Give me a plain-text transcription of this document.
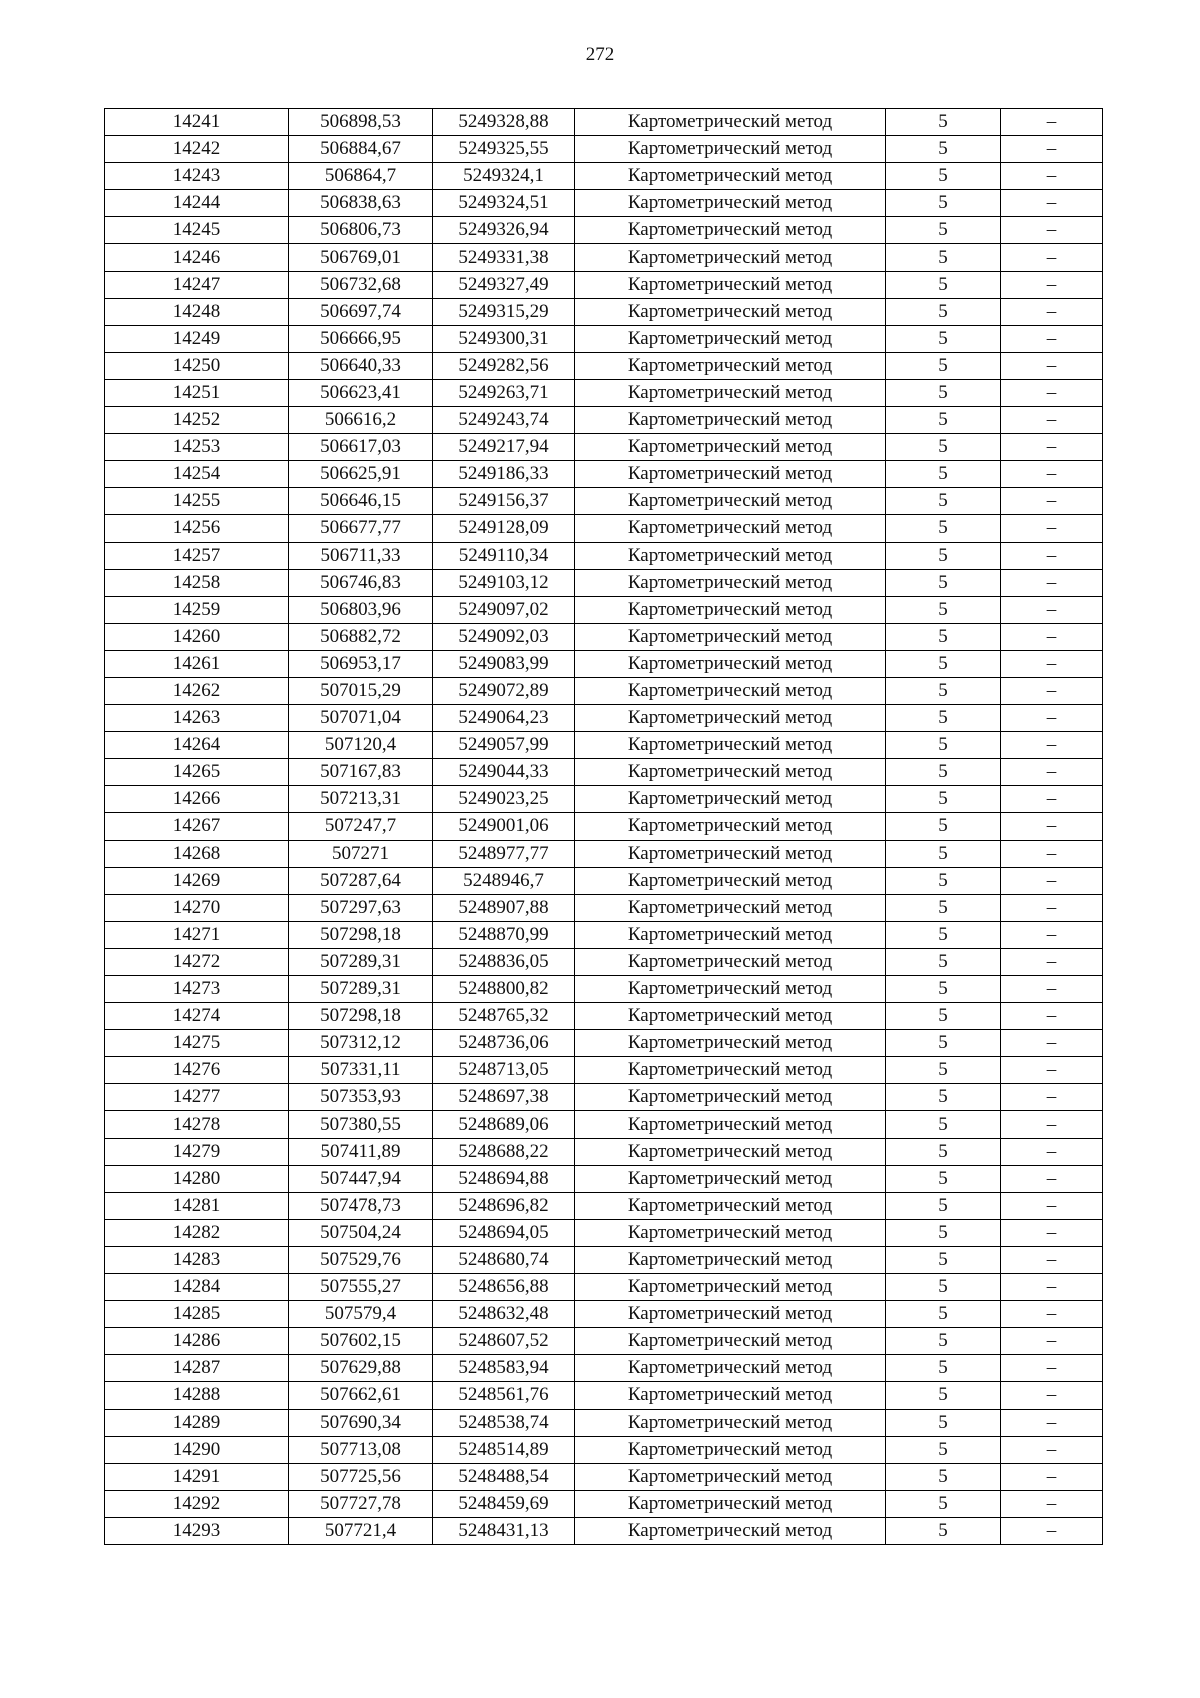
272
14241	506898,53	5249328,88	Картометрический метод	5	–
14242	506884,67	5249325,55	Картометрический метод	5	–
14243	506864,7	5249324,1	Картометрический метод	5	–
14244	506838,63	5249324,51	Картометрический метод	5	–
14245	506806,73	5249326,94	Картометрический метод	5	–
14246	506769,01	5249331,38	Картометрический метод	5	–
14247	506732,68	5249327,49	Картометрический метод	5	–
14248	506697,74	5249315,29	Картометрический метод	5	–
14249	506666,95	5249300,31	Картометрический метод	5	–
14250	506640,33	5249282,56	Картометрический метод	5	–
14251	506623,41	5249263,71	Картометрический метод	5	–
14252	506616,2	5249243,74	Картометрический метод	5	–
14253	506617,03	5249217,94	Картометрический метод	5	–
14254	506625,91	5249186,33	Картометрический метод	5	–
14255	506646,15	5249156,37	Картометрический метод	5	–
14256	506677,77	5249128,09	Картометрический метод	5	–
14257	506711,33	5249110,34	Картометрический метод	5	–
14258	506746,83	5249103,12	Картометрический метод	5	–
14259	506803,96	5249097,02	Картометрический метод	5	–
14260	506882,72	5249092,03	Картометрический метод	5	–
14261	506953,17	5249083,99	Картометрический метод	5	–
14262	507015,29	5249072,89	Картометрический метод	5	–
14263	507071,04	5249064,23	Картометрический метод	5	–
14264	507120,4	5249057,99	Картометрический метод	5	–
14265	507167,83	5249044,33	Картометрический метод	5	–
14266	507213,31	5249023,25	Картометрический метод	5	–
14267	507247,7	5249001,06	Картометрический метод	5	–
14268	507271	5248977,77	Картометрический метод	5	–
14269	507287,64	5248946,7	Картометрический метод	5	–
14270	507297,63	5248907,88	Картометрический метод	5	–
14271	507298,18	5248870,99	Картометрический метод	5	–
14272	507289,31	5248836,05	Картометрический метод	5	–
14273	507289,31	5248800,82	Картометрический метод	5	–
14274	507298,18	5248765,32	Картометрический метод	5	–
14275	507312,12	5248736,06	Картометрический метод	5	–
14276	507331,11	5248713,05	Картометрический метод	5	–
14277	507353,93	5248697,38	Картометрический метод	5	–
14278	507380,55	5248689,06	Картометрический метод	5	–
14279	507411,89	5248688,22	Картометрический метод	5	–
14280	507447,94	5248694,88	Картометрический метод	5	–
14281	507478,73	5248696,82	Картометрический метод	5	–
14282	507504,24	5248694,05	Картометрический метод	5	–
14283	507529,76	5248680,74	Картометрический метод	5	–
14284	507555,27	5248656,88	Картометрический метод	5	–
14285	507579,4	5248632,48	Картометрический метод	5	–
14286	507602,15	5248607,52	Картометрический метод	5	–
14287	507629,88	5248583,94	Картометрический метод	5	–
14288	507662,61	5248561,76	Картометрический метод	5	–
14289	507690,34	5248538,74	Картометрический метод	5	–
14290	507713,08	5248514,89	Картометрический метод	5	–
14291	507725,56	5248488,54	Картометрический метод	5	–
14292	507727,78	5248459,69	Картометрический метод	5	–
14293	507721,4	5248431,13	Картометрический метод	5	–
